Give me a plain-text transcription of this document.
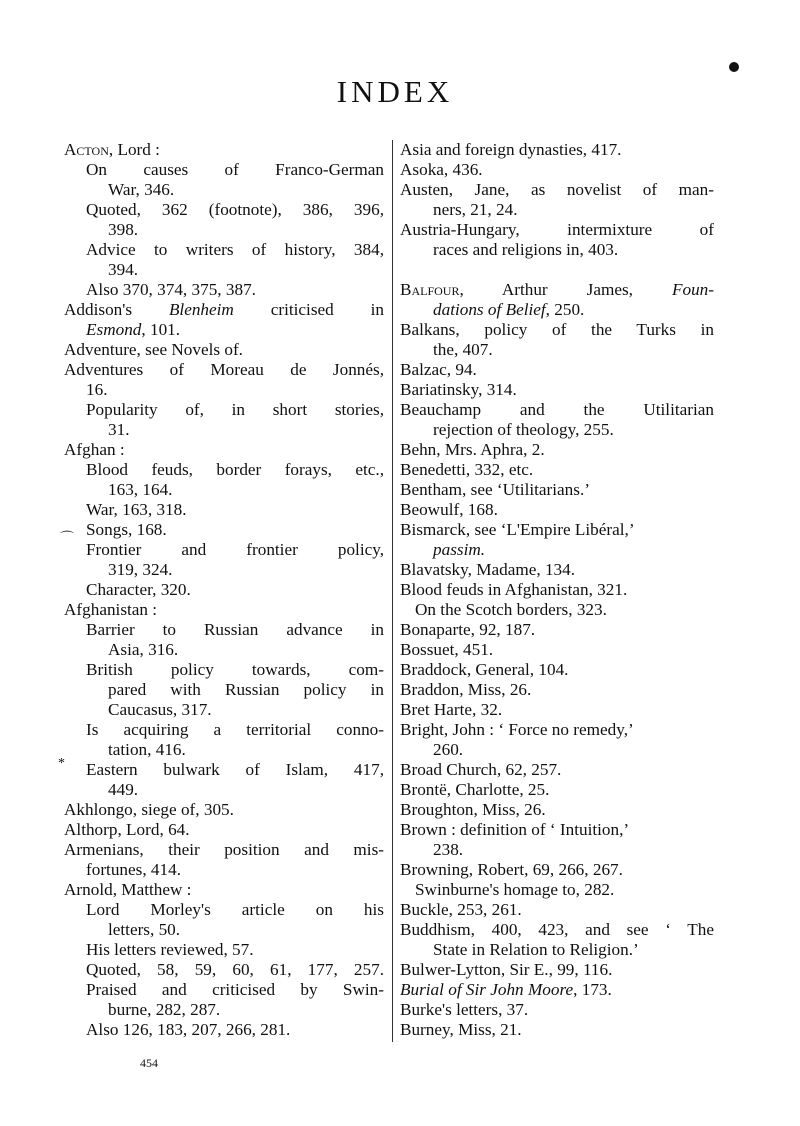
INDEX
Acton, Lord :
On causes of Franco-German
War, 346.
Quoted, 362 (footnote), 386, 396,
398.
Advice to writers of history, 384,
394.
Also 370, 374, 375, 387.
Addison's Blenheim criticised in
Esmond, 101.
Adventure, see Novels of.
Adventures of Moreau de Jonnés,
16.
Popularity of, in short stories,
31.
Afghan :
Blood feuds, border forays, etc.,
163, 164.
War, 163, 318.
Songs, 168.
Frontier and frontier policy,
319, 324.
Character, 320.
Afghanistan :
Barrier to Russian advance in
Asia, 316.
British policy towards, com-
pared with Russian policy in
Caucasus, 317.
Is acquiring a territorial conno-
tation, 416.
Eastern bulwark of Islam, 417,
449.
Akhlongo, siege of, 305.
Althorp, Lord, 64.
Armenians, their position and mis-
fortunes, 414.
Arnold, Matthew :
Lord Morley's article on his
letters, 50.
His letters reviewed, 57.
Quoted, 58, 59, 60, 61, 177, 257.
Praised and criticised by Swin-
burne, 282, 287.
Also 126, 183, 207, 266, 281.
Asia and foreign dynasties, 417.
Asoka, 436.
Austen, Jane, as novelist of man-
ners, 21, 24.
Austria-Hungary, intermixture of
races and religions in, 403.
Balfour, Arthur James, Foun-
dations of Belief, 250.
Balkans, policy of the Turks in
the, 407.
Balzac, 94.
Bariatinsky, 314.
Beauchamp and the Utilitarian
rejection of theology, 255.
Behn, Mrs. Aphra, 2.
Benedetti, 332, etc.
Bentham, see ‘Utilitarians.’
Beowulf, 168.
Bismarck, see ‘L'Empire Libéral,’
passim.
Blavatsky, Madame, 134.
Blood feuds in Afghanistan, 321.
On the Scotch borders, 323.
Bonaparte, 92, 187.
Bossuet, 451.
Braddock, General, 104.
Braddon, Miss, 26.
Bret Harte, 32.
Bright, John : ‘ Force no remedy,’
260.
Broad Church, 62, 257.
Brontë, Charlotte, 25.
Broughton, Miss, 26.
Brown : definition of ‘ Intuition,’
238.
Browning, Robert, 69, 266, 267.
Swinburne's homage to, 282.
Buckle, 253, 261.
Buddhism, 400, 423, and see ‘ The
State in Relation to Religion.’
Bulwer-Lytton, Sir E., 99, 116.
Burial of Sir John Moore, 173.
Burke's letters, 37.
Burney, Miss, 21.
⌒
*
454
